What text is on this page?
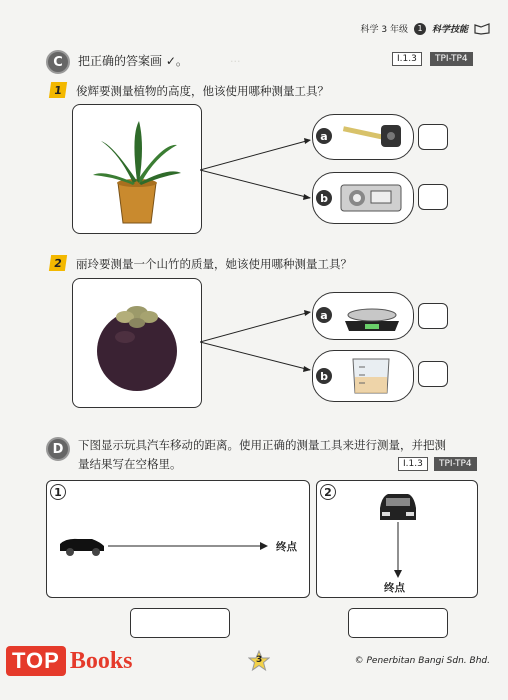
...
科学 3 年级	1	科学技能
C	把正确的答案画 ✓。	I.1.3	TPI-TP4
1	俊辉要测量植物的高度，他该使用哪种测量工具？
a
b
2	丽玲要测量一个山竹的质量，她该使用哪种测量工具？
a
b
D	下图显示玩具汽车移动的距离。使用正确的测量工具来进行测量，并把测
量结果写在空格里。	I.1.3	TPI-TP4
1
终点
2
终点
TOP Books	3	© Penerbitan Bangi Sdn. Bhd.
